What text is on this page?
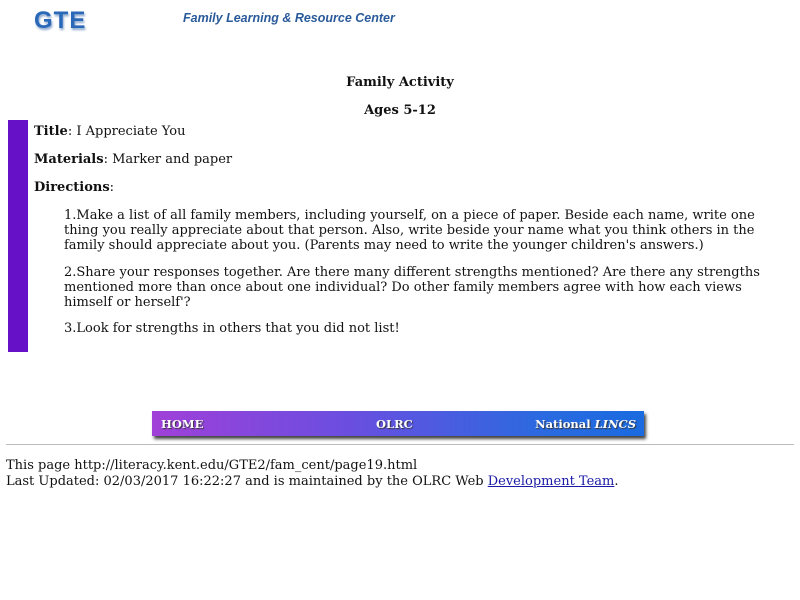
GTE	Family Learning & Resource Center
Family Activity
Ages 5-12
Title: I Appreciate You
Materials: Marker and paper
Directions:
1.Make a list of all family members, including yourself, on a piece of paper. Beside each name, write one thing you really appreciate about that person. Also, write beside your name what you think others in the family should appreciate about you. (Parents may need to write the younger children's answers.)
2.Share your responses together. Are there many different strengths mentioned? Are there any strengths mentioned more than once about one individual? Do other family members agree with how each views himself or herself'?
3.Look for strengths in others that you did not list!
HOME	OLRC	National LINCS
This page http://literacy.kent.edu/GTE2/fam_cent/page19.html
Last Updated: 02/03/2017 16:22:27 and is maintained by the OLRC Web Development Team.
